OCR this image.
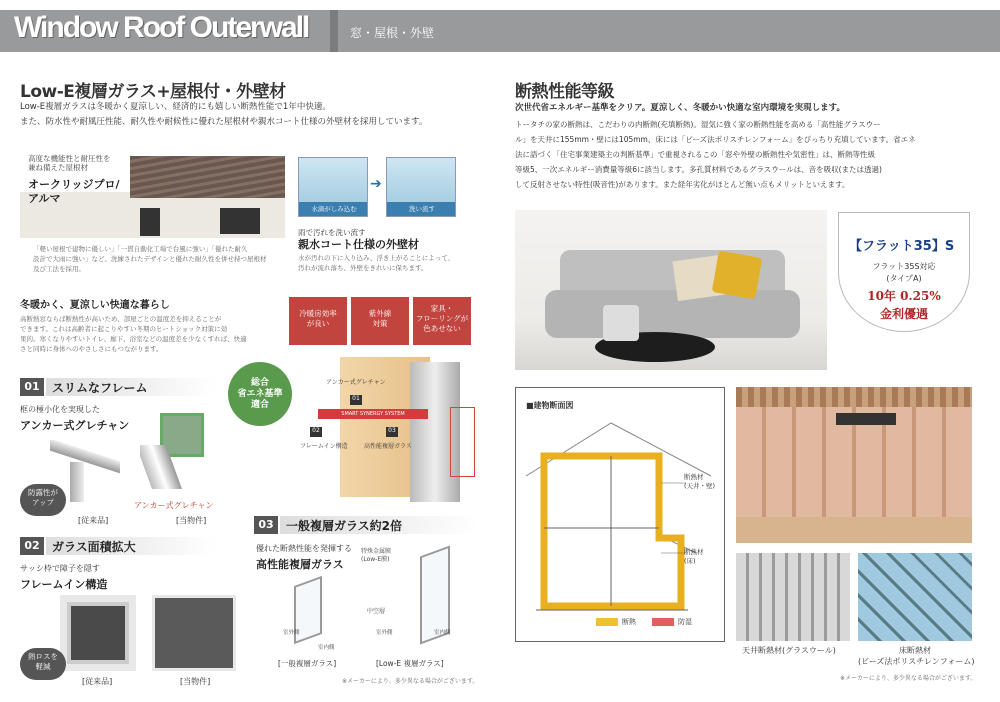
Window Roof Outerwall	窓・屋根・外壁
Low-E複層ガラス+屋根付・外壁材
Low-E複層ガラスは冬暖かく夏涼しい、経済的にも嬉しい断熱性能で1年中快適。
また、防水性や耐風圧性能、耐久性や耐候性に優れた屋根材や親水コート仕様の外壁材を採用しています。
高度な機能性と耐圧性を
兼ね備えた屋根材
オークリッジプロ/
アルマ
「軽い屋根で建物に優しい」「一貫自動化工場で台風に強い」「優れた耐久
設計で大雨に強い」など、洗練されたデザインと優れた耐久性を併せ持つ屋根材
及び工法を採用。
水滴がしみ込む
➔
洗い流す
雨で汚れを洗い流す
親水コート仕様の外壁材
水が汚れの下に入り込み、浮き上がることによって、
汚れが流れ落ち、外壁をきれいに保ちます。
冬暖かく、夏涼しい快適な暮らし
高断熱窓ならば断熱性が高いため、部屋ごとの温度差を抑えることが
できます。これは高齢者に起こりやすい冬期のヒートショック対策に効
果的。寒くなりやすいトイレ、廊下、浴室などの温度差を少なくすれば、快適
さと同時に身体へのやさしさにもつながります。
冷暖房効率
が良い
紫外線
対策
家具・
フローリングが
色あせない
SMART SYNERGY SYSTEM
アンカー式グレチャン
01
02
フレームイン構造
03
高性能複層ガラス
総合
省エネ基準
適合
01	スリムなフレーム
框の極小化を実現した
アンカー式グレチャン
防露性が
アップ	アンカー式グレチャン
[従来品]	[当物件]
02	ガラス面積拡大
サッシ枠で障子を隠す
フレームイン構造
熱ロスを
軽減
[従来品]	[当物件]
03	一般複層ガラス約2倍
優れた断熱性能を発揮する
高性能複層ガラス
特殊金属膜
(Low-E膜)
中空層
室外側
室内側
室外側	室内側
[一般複層ガラス]	[Low-E 複層ガラス]
※メーカーにより、多少異なる場合がございます。
断熱性能等級
次世代省エネルギー基準をクリア。夏涼しく、冬暖かい快適な室内環境を実現します。
トータチの家の断熱は、こだわりの内断熱(充填断熱)。湿気に強く家の断熱性能を高める「高性能グラスウー
ル」を天井に155mm・壁には105mm、床には「ビーズ法ポリスチレンフォーム」をぴっちり充填しています。省エネ
法に語づく「住宅事業建築主の判断基準」で重視されるこの「窓や外壁の断熱性や気密性」は、断熱等性級
等級5、一次エネルギー消費量等級6に該当します。多孔質材料であるグラスウールは、音を吸収(または透過)
して反射させない特性(吸音性)があります。また経年劣化がほとんど無い点もメリットといえます。
【フラット35】S
フラット35S対応
(タイプA)
10年 0.25%
金利優遇
■建物断面図
断熱材
(天井・壁)
断熱材
(床)
断熱	防湿
天井断熱材(グラスウール)	床断熱材
(ビーズ法ポリスチレンフォーム)
※メーカーにより、多少異なる場合がございます。
